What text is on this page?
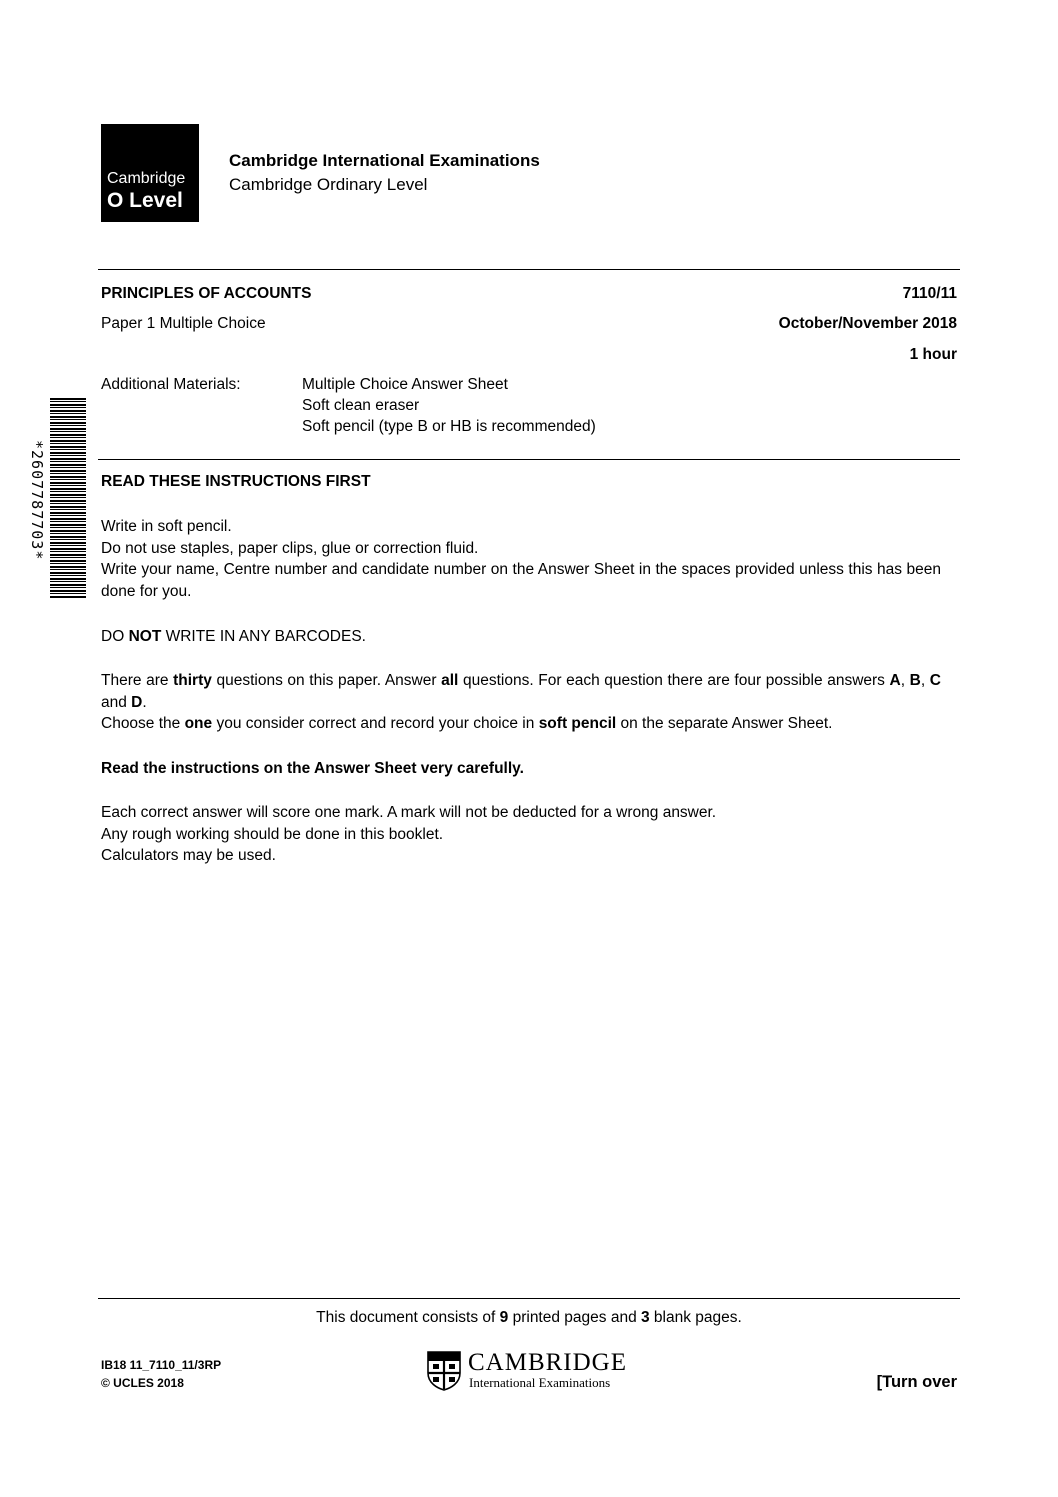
Cambridge
O Level
Cambridge International Examinations
Cambridge Ordinary Level
PRINCIPLES OF ACCOUNTS	7110/11
Paper 1 Multiple Choice	October/November 2018
1 hour
Additional Materials:	Multiple Choice Answer Sheet
Soft clean eraser
Soft pencil (type B or HB is recommended)
*2607787703*	READ THESE INSTRUCTIONS FIRST
Write in soft pencil.
Do not use staples, paper clips, glue or correction fluid.
Write your name, Centre number and candidate number on the Answer Sheet in the spaces provided unless this has been done for you.
DO NOT WRITE IN ANY BARCODES.
There are thirty questions on this paper. Answer all questions. For each question there are four possible answers A, B, C and D.
Choose the one you consider correct and record your choice in soft pencil on the separate Answer Sheet.
Read the instructions on the Answer Sheet very carefully.
Each correct answer will score one mark. A mark will not be deducted for a wrong answer.
Any rough working should be done in this booklet.
Calculators may be used.
This document consists of 9 printed pages and 3 blank pages.
IB18 11_7110_11/3RP
© UCLES 2018
CAMBRIDGE
International Examinations	[Turn over
